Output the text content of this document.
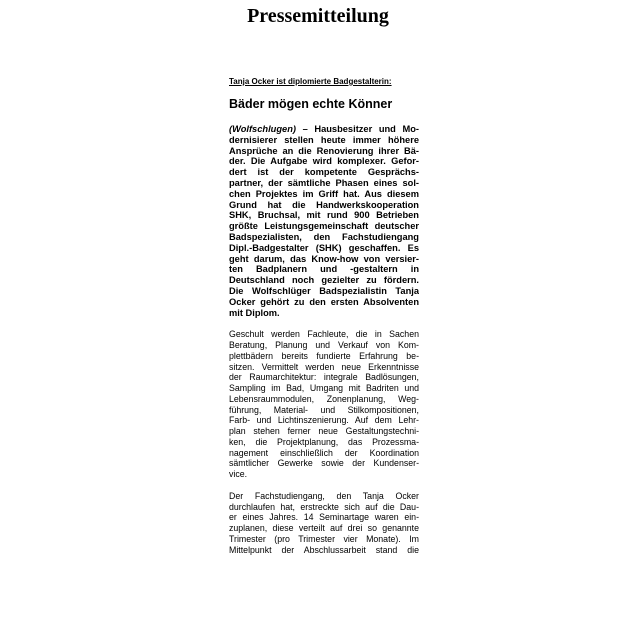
Pressemitteilung

Tanja Ocker ist diplomierte Badgestalterin:

Bäder mögen echte Könner

(Wolfschlugen) – Hausbesitzer und Mo-
dernisierer stellen heute immer höhere
Ansprüche an die Renovierung ihrer Bä-
der. Die Aufgabe wird komplexer. Gefor-
dert ist der kompetente Gesprächs-
partner, der sämtliche Phasen eines sol-
chen Projektes im Griff hat. Aus diesem
Grund hat die Handwerkskooperation
SHK, Bruchsal, mit rund 900 Betrieben
größte Leistungsgemeinschaft deutscher
Badspezialisten, den Fachstudiengang
Dipl.-Badgestalter (SHK) geschaffen. Es
geht darum, das Know-how von versier-
ten Badplanern und -gestaltern in
Deutschland noch gezielter zu fördern.
Die Wolfschlüger Badspezialistin Tanja
Ocker gehört zu den ersten Absolventen
mit Diplom.

Geschult werden Fachleute, die in Sachen
Beratung, Planung und Verkauf von Kom-
plettbädern bereits fundierte Erfahrung be-
sitzen. Vermittelt werden neue Erkenntnisse
der Raumarchitektur: integrale Badlösungen,
Sampling im Bad, Umgang mit Badriten und
Lebensraummodulen, Zonenplanung, Weg-
führung, Material- und Stilkompositionen,
Farb- und Lichtinszenierung. Auf dem Lehr-
plan stehen ferner neue Gestaltungstechni-
ken, die Projektplanung, das Prozessma-
nagement einschließlich der Koordination
sämtlicher Gewerke sowie der Kundenser-
vice.

Der Fachstudiengang, den Tanja Ocker
durchlaufen hat, erstreckte sich auf die Dau-
er eines Jahres. 14 Seminartage waren ein-
zuplanen, diese verteilt auf drei so genannte
Trimester (pro Trimester vier Monate). Im
Mittelpunkt der Abschlussarbeit stand die
